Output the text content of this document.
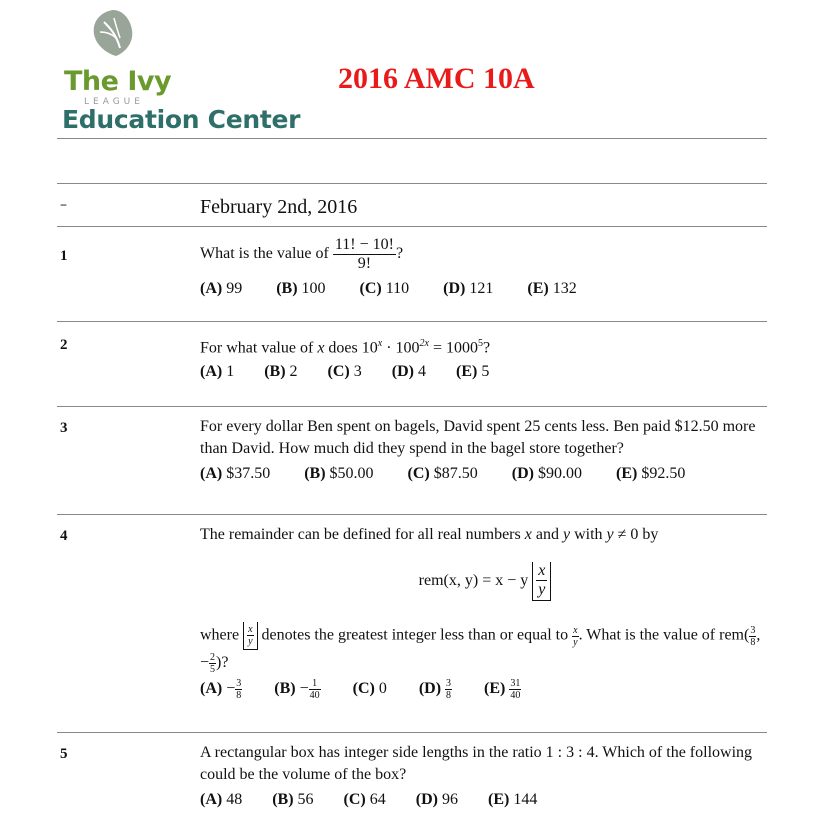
The Ivy
LEAGUE
Education Center
2016 AMC 10A
–	February 2nd, 2016
1	What is the value of $\frac{11! - 10!}{9!}$ ?
(A) 99 (B) 100 (C) 110 (D) 121 (E) 132
2	For what value of x does $10^x \cdot 100^{2x} = 1000^5$?
(A) 1 (B) 2 (C) 3 (D) 4 (E) 5
3	For every dollar Ben spent on bagels, David spent 25 cents less. Ben paid $12.50 more than David. How much did they spend in the bagel store together?
(A) $37.50 (B) $50.00 (C) $87.50 (D) $90.00 (E) $92.50
4	The remainder can be defined for all real numbers x and y with y ≠ 0 by
rem(x, y) = x − y $\frac{x}{y}$
where $\frac{x}{y}$ denotes the greatest integer less than or equal to $\frac{x}{y}$ . What is the value of $rem( \frac{3}{8}$ , − $\frac{2}{5}$ )?
$(A) - \frac{3}{8} (B) - \frac{1}{40} (C)$ 0 $(D) \frac{3}{8} (E) \frac{31}{40}$
5	A rectangular box has integer side lengths in the ratio 1 : 3 : 4. Which of the following could be the volume of the box?
(A) 48 (B) 56 (C) 64 (D) 96 (E) 144
